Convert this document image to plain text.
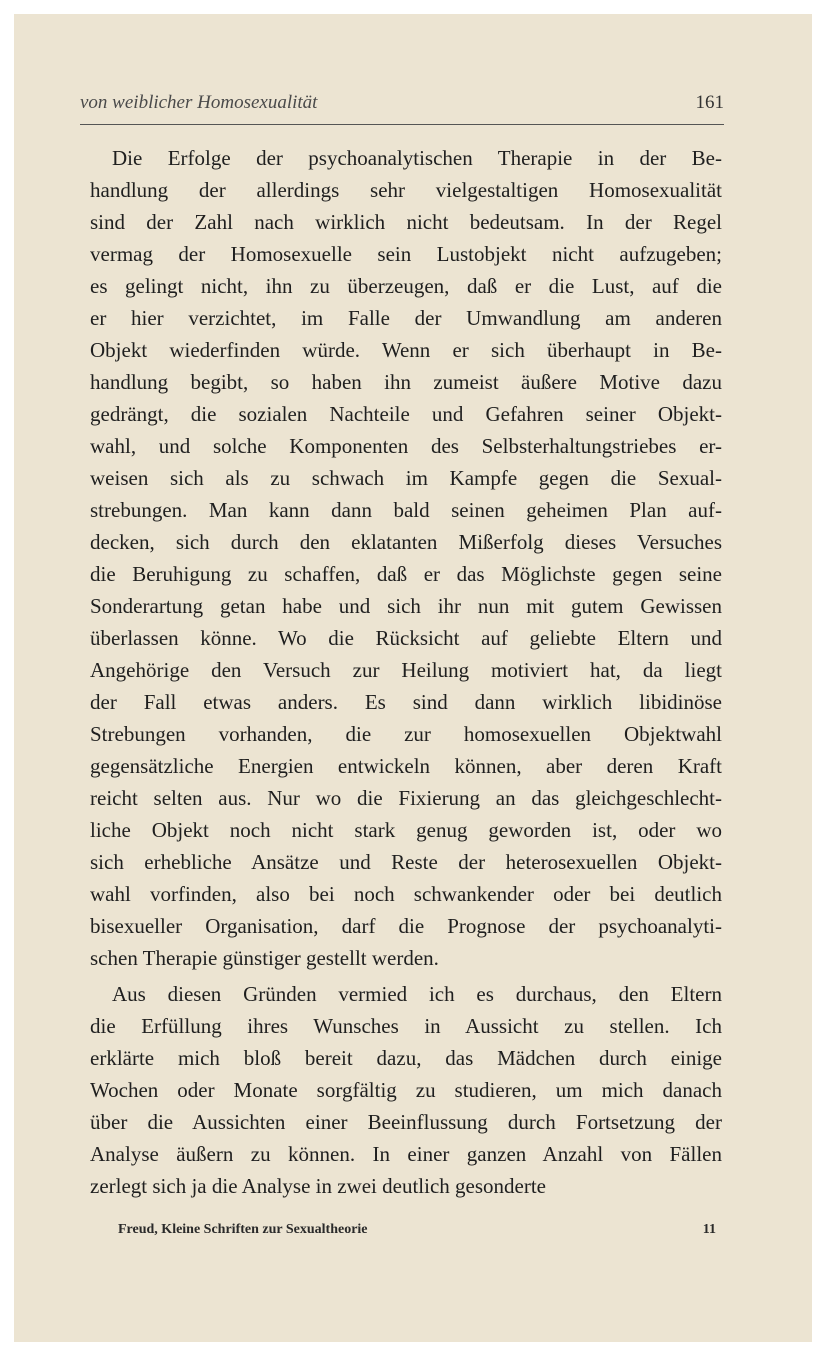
von weiblicher Homosexualität	161
Die Erfolge der psychoanalytischen Therapie in der Be-
handlung der allerdings sehr vielgestaltigen Homosexualität
sind der Zahl nach wirklich nicht bedeutsam. In der Regel
vermag der Homosexuelle sein Lustobjekt nicht aufzugeben;
es gelingt nicht, ihn zu überzeugen, daß er die Lust, auf die
er hier verzichtet, im Falle der Umwandlung am anderen
Objekt wiederfinden würde. Wenn er sich überhaupt in Be-
handlung begibt, so haben ihn zumeist äußere Motive dazu
gedrängt, die sozialen Nachteile und Gefahren seiner Objekt-
wahl, und solche Komponenten des Selbsterhaltungstriebes er-
weisen sich als zu schwach im Kampfe gegen die Sexual-
strebungen. Man kann dann bald seinen geheimen Plan auf-
decken, sich durch den eklatanten Mißerfolg dieses Versuches
die Beruhigung zu schaffen, daß er das Möglichste gegen seine
Sonderartung getan habe und sich ihr nun mit gutem Gewissen
überlassen könne. Wo die Rücksicht auf geliebte Eltern und
Angehörige den Versuch zur Heilung motiviert hat, da liegt
der Fall etwas anders. Es sind dann wirklich libidinöse
Strebungen vorhanden, die zur homosexuellen Objektwahl
gegensätzliche Energien entwickeln können, aber deren Kraft
reicht selten aus. Nur wo die Fixierung an das gleichgeschlecht-
liche Objekt noch nicht stark genug geworden ist, oder wo
sich erhebliche Ansätze und Reste der heterosexuellen Objekt-
wahl vorfinden, also bei noch schwankender oder bei deutlich
bisexueller Organisation, darf die Prognose der psychoanalyti-
schen Therapie günstiger gestellt werden.
Aus diesen Gründen vermied ich es durchaus, den Eltern
die Erfüllung ihres Wunsches in Aussicht zu stellen. Ich
erklärte mich bloß bereit dazu, das Mädchen durch einige
Wochen oder Monate sorgfältig zu studieren, um mich danach
über die Aussichten einer Beeinflussung durch Fortsetzung der
Analyse äußern zu können. In einer ganzen Anzahl von Fällen
zerlegt sich ja die Analyse in zwei deutlich gesonderte
Freud, Kleine Schriften zur Sexualtheorie	11
